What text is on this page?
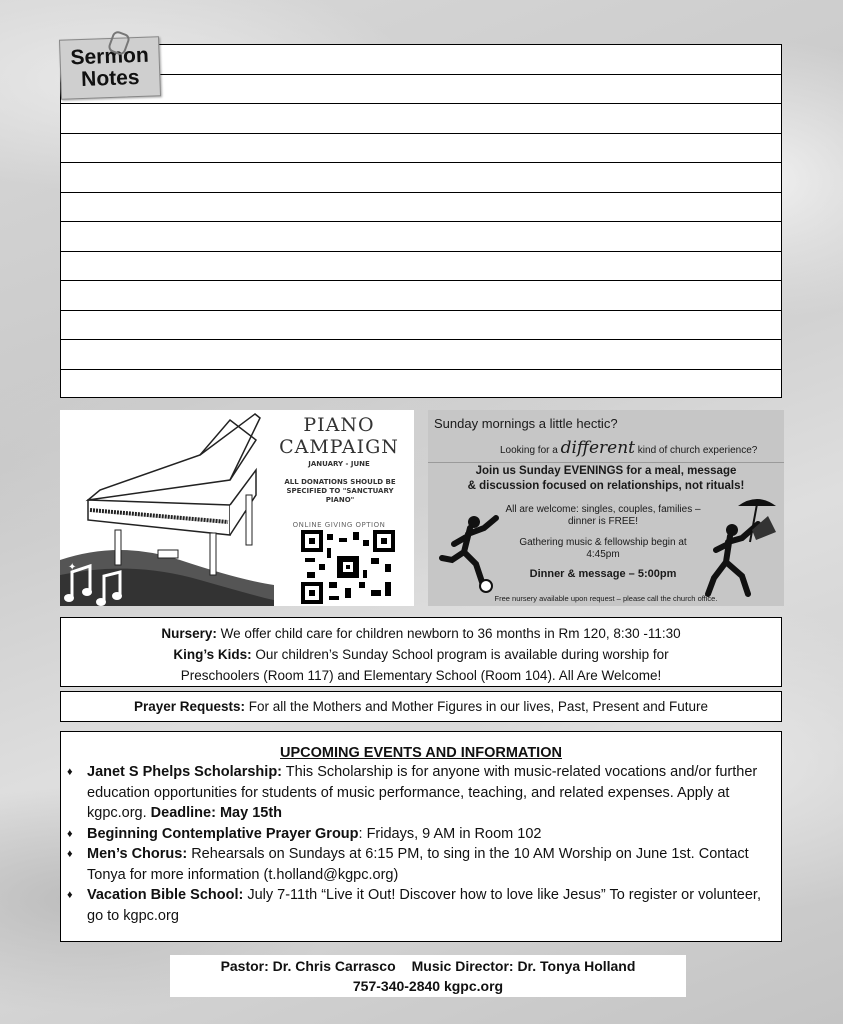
Sermon
Notes
✦
PIANO
CAMPAIGN
JANUARY - JUNE
ALL DONATIONS SHOULD BE SPECIFIED TO "SANCTUARY PIANO"
ONLINE GIVING OPTION
Sunday mornings a little hectic?
Looking for a different kind of church experience?
Join us Sunday EVENINGS for a meal, message
& discussion focused on relationships, not rituals!
All are welcome: singles, couples, families – dinner is FREE!
Gathering music & fellowship begin at 4:45pm
Dinner & message – 5:00pm
Free nursery available upon request – please call the church office.
Nursery: We offer child care for children newborn to 36 months in Rm 120, 8:30 -11:30
King’s Kids: Our children’s Sunday School program is available during worship for
Preschoolers (Room 117) and Elementary School (Room 104). All Are Welcome!
Prayer Requests: For all the Mothers and Mother Figures in our lives, Past, Present and Future
UPCOMING EVENTS AND INFORMATION
♦ Janet S Phelps Scholarship: This Scholarship is for anyone with music-related vocations and/or further education opportunities for students of music performance, teaching, and related expenses. Apply at kgpc.org. Deadline: May 15th
♦ Beginning Contemplative Prayer Group: Fridays, 9 AM in Room 102
♦ Men’s Chorus: Rehearsals on Sundays at 6:15 PM, to sing in the 10 AM Worship on June 1st. Contact Tonya for more information (t.holland@kgpc.org)
♦ Vacation Bible School: July 7-11th “Live it Out! Discover how to love like Jesus” To register or volunteer, go to kgpc.org
Pastor: Dr. Chris Carrasco Music Director: Dr. Tonya Holland
757-340-2840 kgpc.org
